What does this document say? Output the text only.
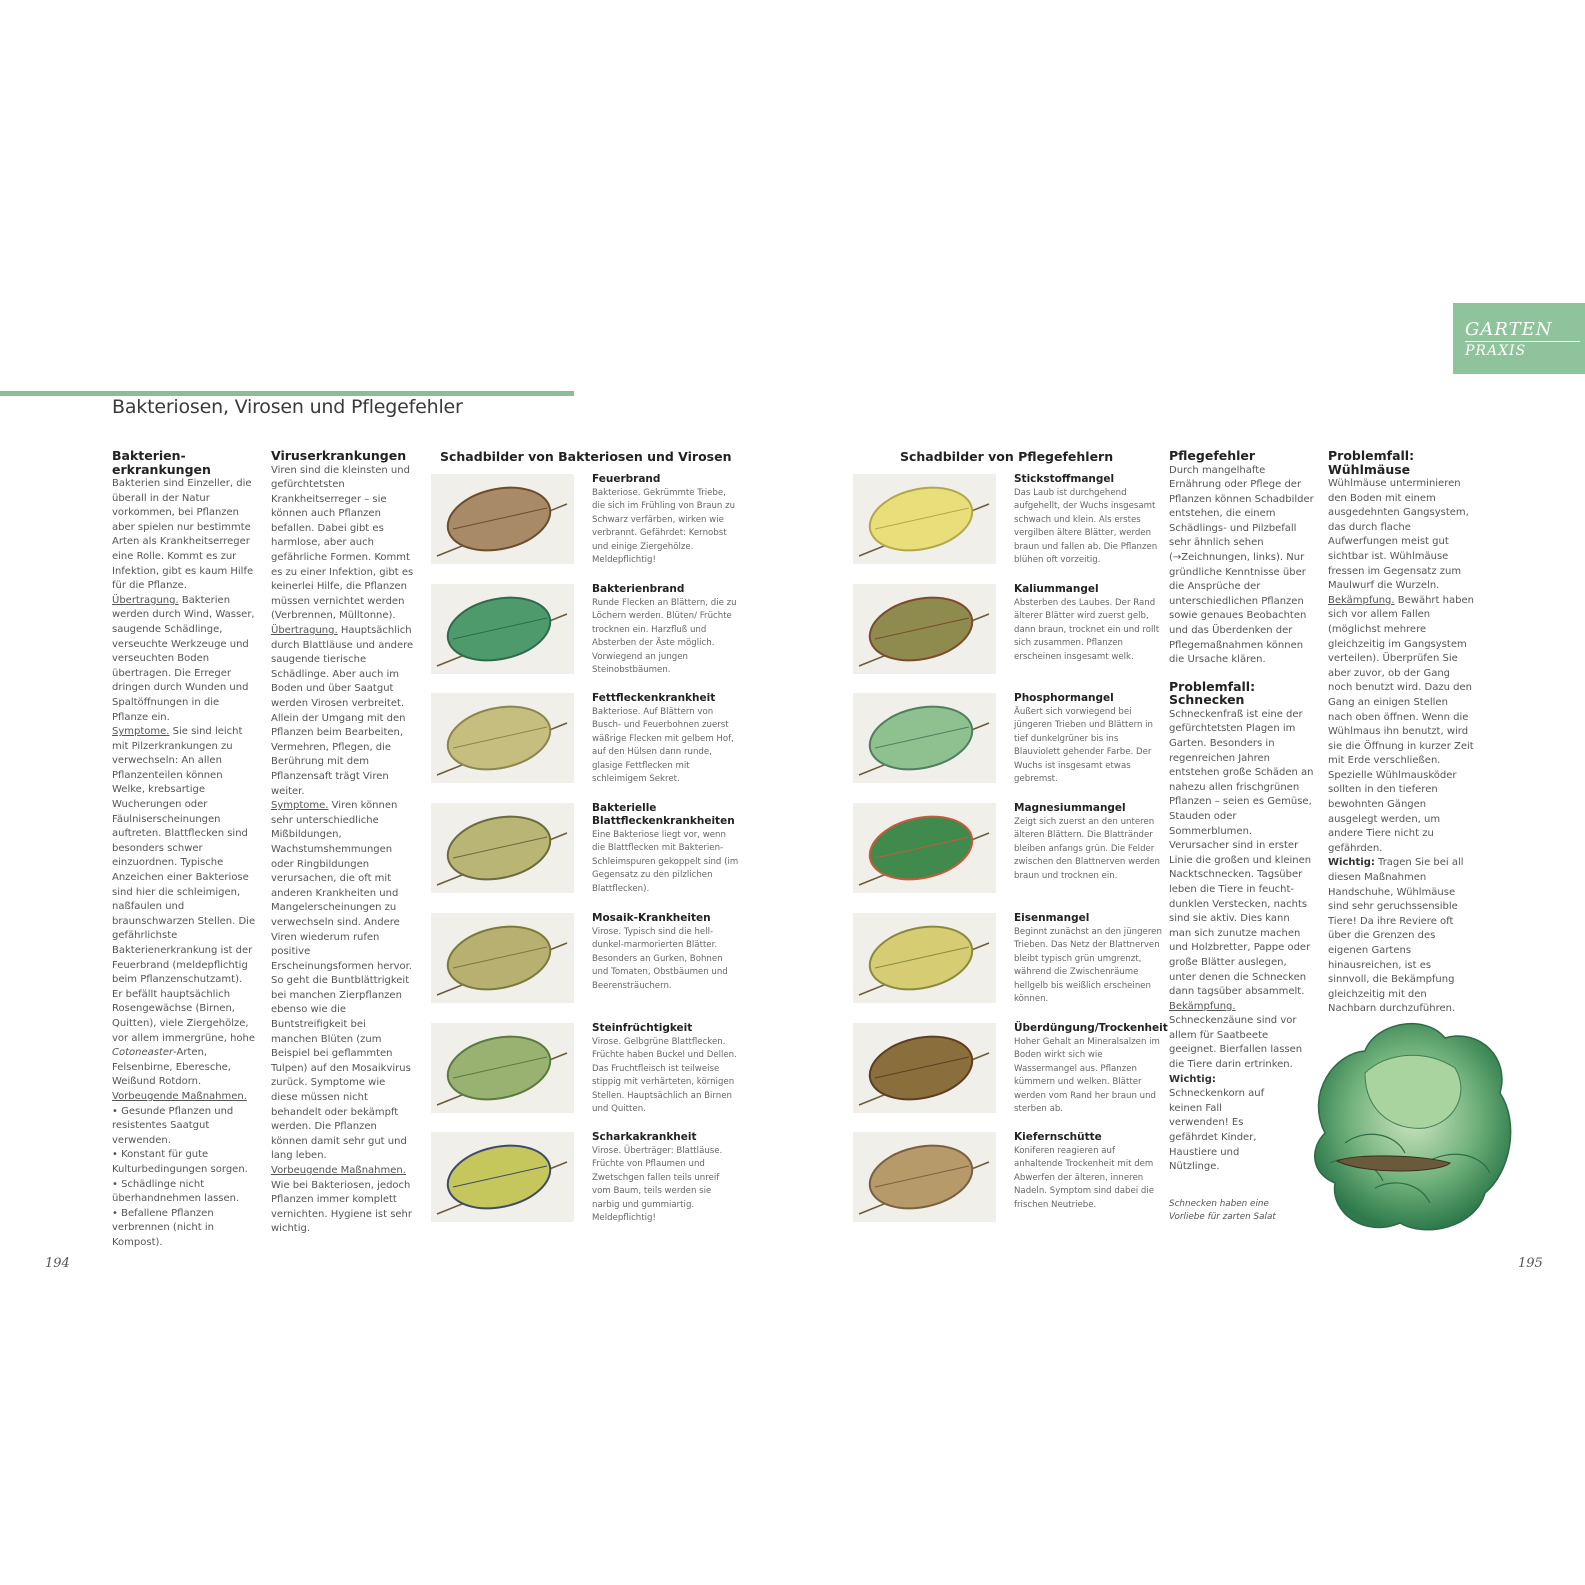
Bakteriosen, Virosen und Pflegefehler
GARTEN
PRAXIS
Bakterien-
erkrankungen

Bakterien sind Einzeller, die überall in der Natur vorkommen, bei Pflanzen aber spielen nur bestimmte Arten als Krankheitserreger eine Rolle. Kommt es zur Infektion, gibt es kaum Hilfe für die Pflanze.

Übertragung. Bakterien werden durch Wind, Wasser, saugende Schädlinge, verseuchte Werkzeuge und verseuchten Boden übertragen. Die Erreger dringen durch Wunden und Spaltöffnungen in die Pflanze ein.

Symptome. Sie sind leicht mit Pilzerkrankungen zu verwechseln: An allen Pflanzenteilen können Welke, krebsartige Wucherungen oder Fäulniserscheinungen auftreten. Blattflecken sind besonders schwer einzuordnen. Typische Anzeichen einer Bakteriose sind hier die schleimigen, naßfaulen und braunschwarzen Stellen. Die gefährlichste Bakterienerkrankung ist der Feuerbrand (meldepflichtig beim Pflanzenschutzamt).

Er befällt hauptsächlich Rosengewächse (Birnen, Quitten), viele Ziergehölze, vor allem immergrüne, hohe Cotoneaster-Arten, Felsenbirne, Eberesche, Weißund Rotdorn.

Vorbeugende Maßnahmen.

• Gesunde Pflanzen und resistentes Saatgut verwenden.
• Konstant für gute Kulturbedingungen sorgen.
• Schädlinge nicht überhandnehmen lassen.
• Befallene Pflanzen verbrennen (nicht in Kompost).
Viruserkrankungen

Viren sind die kleinsten und gefürchtetsten Krankheitserreger – sie können auch Pflanzen befallen. Dabei gibt es harmlose, aber auch gefährliche Formen. Kommt es zu einer Infektion, gibt es keinerlei Hilfe, die Pflanzen müssen vernichtet werden (Verbrennen, Mülltonne).

Übertragung. Hauptsächlich durch Blattläuse und andere saugende tierische Schädlinge. Aber auch im Boden und über Saatgut werden Virosen verbreitet. Allein der Umgang mit den Pflanzen beim Bearbeiten, Vermehren, Pflegen, die Berührung mit dem Pflanzensaft trägt Viren weiter.

Symptome. Viren können sehr unterschiedliche Mißbildungen, Wachstumshemmungen oder Ringbildungen verursachen, die oft mit anderen Krankheiten und Mangelerscheinungen zu verwechseln sind. Andere Viren wiederum rufen positive Erscheinungsformen hervor. So geht die Buntblättrigkeit bei manchen Zierpflanzen ebenso wie die Buntstreifigkeit bei manchen Blüten (zum Beispiel bei geflammten Tulpen) auf den Mosaikvirus zurück. Symptome wie diese müssen nicht behandelt oder bekämpft werden. Die Pflanzen können damit sehr gut und lang leben.

Vorbeugende Maßnahmen. Wie bei Bakteriosen, jedoch Pflanzen immer komplett vernichten. Hygiene ist sehr wichtig.

Schadbilder von Bakteriosen und Virosen	Schadbilder von Pflegefehlern
Feuerbrand
Bakteriose. Gekrümmte Triebe, die sich im Frühling von Braun zu Schwarz verfärben, wirken wie verbrannt. Gefährdet: Kernobst und einige Ziergehölze. Meldepflichtig!
Bakterienbrand
Runde Flecken an Blättern, die zu Löchern werden. Blüten/ Früchte trocknen ein. Harzfluß und Absterben der Äste möglich. Vorwiegend an jungen Steinobstbäumen.
Fettfleckenkrankheit
Bakteriose. Auf Blättern von Busch- und Feuerbohnen zuerst wäßrige Flecken mit gelbem Hof, auf den Hülsen dann runde, glasige Fettflecken mit schleimigem Sekret.
Bakterielle Blattfleckenkrankheiten
Eine Bakteriose liegt vor, wenn die Blattflecken mit Bakterien-Schleimspuren gekoppelt sind (im Gegensatz zu den pilzlichen Blattflecken).
Mosaik-Krankheiten
Virose. Typisch sind die hell-dunkel-marmorierten Blätter. Besonders an Gurken, Bohnen und Tomaten, Obstbäumen und Beerensträuchern.
Steinfrüchtigkeit
Virose. Gelbgrüne Blattflecken. Früchte haben Buckel und Dellen. Das Fruchtfleisch ist teilweise stippig mit verhärteten, körnigen Stellen. Hauptsächlich an Birnen und Quitten.
Scharkakrankheit
Virose. Überträger: Blattläuse. Früchte von Pflaumen und Zwetschgen fallen teils unreif vom Baum, teils werden sie narbig und gummiartig. Meldepflichtig!
Stickstoffmangel
Das Laub ist durchgehend aufgehellt, der Wuchs insgesamt schwach und klein. Als erstes vergilben ältere Blätter, werden braun und fallen ab. Die Pflanzen blühen oft vorzeitig.
Kaliummangel
Absterben des Laubes. Der Rand älterer Blätter wird zuerst gelb, dann braun, trocknet ein und rollt sich zusammen. Pflanzen erscheinen insgesamt welk.
Phosphormangel
Äußert sich vorwiegend bei jüngeren Trieben und Blättern in tief dunkelgrüner bis ins Blauviolett gehender Farbe. Der Wuchs ist insgesamt etwas gebremst.
Magnesiummangel
Zeigt sich zuerst an den unteren älteren Blättern. Die Blattränder bleiben anfangs grün. Die Felder zwischen den Blattnerven werden braun und trocknen ein.
Eisenmangel
Beginnt zunächst an den jüngeren Trieben. Das Netz der Blattnerven bleibt typisch grün umgrenzt, während die Zwischenräume hellgelb bis weißlich erscheinen können.
Überdüngung/Trockenheit
Hoher Gehalt an Mineralsalzen im Boden wirkt sich wie Wassermangel aus. Pflanzen kümmern und welken. Blätter werden vom Rand her braun und sterben ab.
Kiefernschütte
Koniferen reagieren auf anhaltende Trockenheit mit dem Abwerfen der älteren, inneren Nadeln. Symptom sind dabei die frischen Neutriebe.
Pflegefehler

Durch mangelhafte Ernährung oder Pflege der Pflanzen können Schadbilder entstehen, die einem Schädlings- und Pilzbefall sehr ähnlich sehen (→Zeichnungen, links). Nur gründliche Kenntnisse über die Ansprüche der unterschiedlichen Pflanzen sowie genaues Beobachten und das Überdenken der Pflegemaßnahmen können die Ursache klären.

Problemfall:
Schnecken

Schneckenfraß ist eine der gefürchtetsten Plagen im Garten. Besonders in regenreichen Jahren entstehen große Schäden an nahezu allen frischgrünen Pflanzen – seien es Gemüse, Stauden oder Sommerblumen.

Verursacher sind in erster Linie die großen und kleinen Nacktschnecken. Tagsüber leben die Tiere in feucht-dunklen Verstecken, nachts sind sie aktiv. Dies kann man sich zunutze machen und Holzbretter, Pappe oder große Blätter auslegen, unter denen die Schnecken dann tagsüber absammelt.

Bekämpfung. Schneckenzäune sind vor allem für Saatbeete geeignet. Bierfallen lassen die Tiere darin ertrinken.

Wichtig: Schneckenkorn auf keinen Fall verwenden! Es gefährdet Kinder, Haustiere und Nützlinge.

Schnecken haben eine Vorliebe für zarten Salat
Problemfall:
Wühlmäuse

Wühlmäuse unterminieren den Boden mit einem ausgedehnten Gangsystem, das durch flache Aufwerfungen meist gut sichtbar ist. Wühlmäuse fressen im Gegensatz zum Maulwurf die Wurzeln.

Bekämpfung. Bewährt haben sich vor allem Fallen (möglichst mehrere gleichzeitig im Gangsystem verteilen). Überprüfen Sie aber zuvor, ob der Gang noch benutzt wird. Dazu den Gang an einigen Stellen nach oben öffnen. Wenn die Wühlmaus ihn benutzt, wird sie die Öffnung in kurzer Zeit mit Erde verschließen.

Spezielle Wühlmausköder sollten in den tieferen bewohnten Gängen ausgelegt werden, um andere Tiere nicht zu gefährden.

Wichtig: Tragen Sie bei all diesen Maßnahmen Handschuhe, Wühlmäuse sind sehr geruchssensible Tiere! Da ihre Reviere oft über die Grenzen des eigenen Gartens hinausreichen, ist es sinnvoll, die Bekämpfung gleichzeitig mit den Nachbarn durchzuführen.

194	195
